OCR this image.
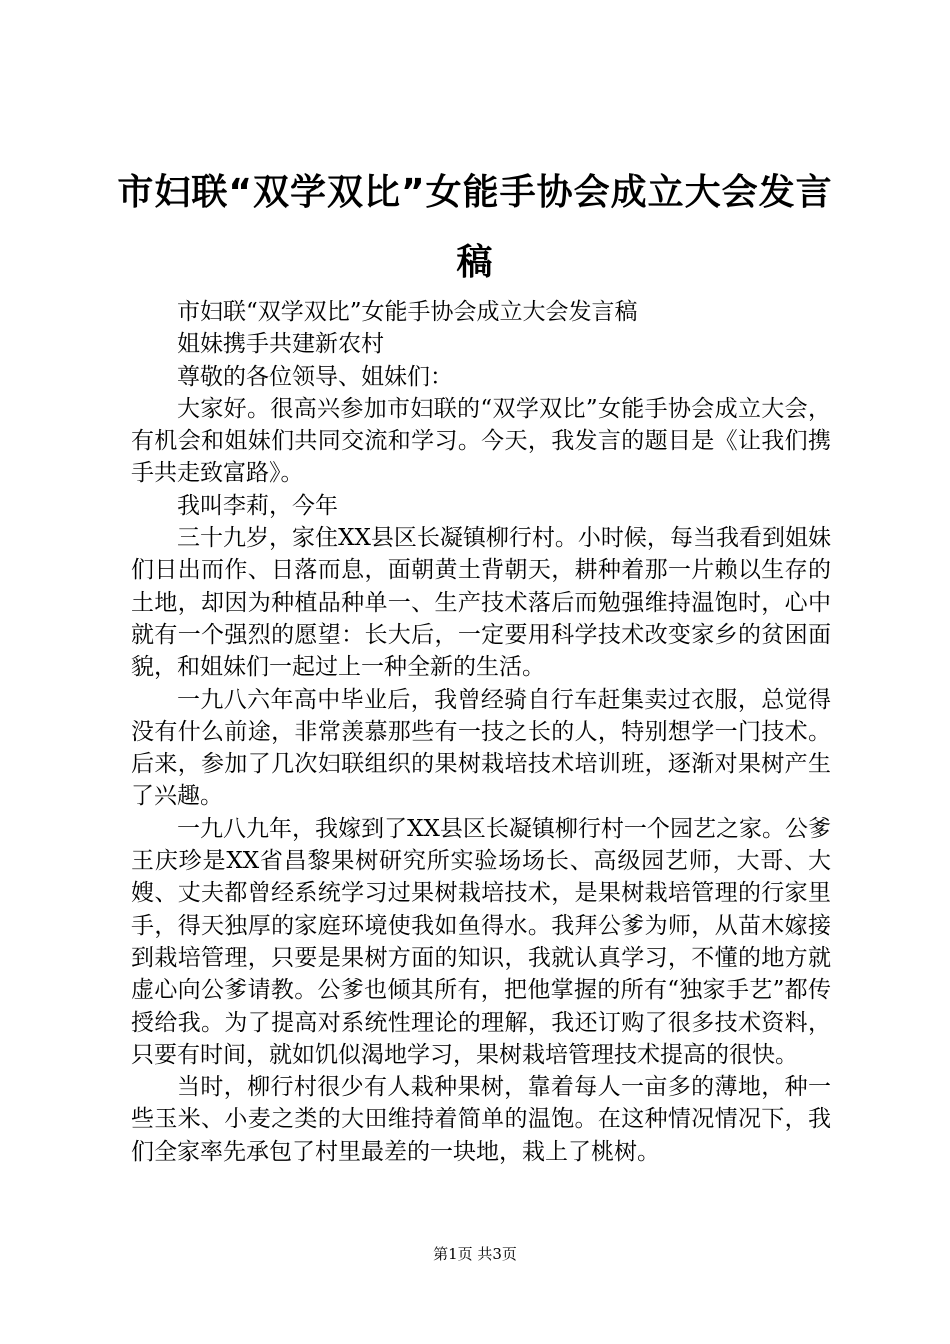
市妇联“双学双比”女能手协会成立大会发言稿

市妇联“双学双比”女能手协会成立大会发言稿

姐妹携手共建新农村

尊敬的各位领导、姐妹们：

大家好。很高兴参加市妇联的“双学双比”女能手协会成立大会，有机会和姐妹们共同交流和学习。今天，我发言的题目是《让我们携手共走致富路》。

我叫李莉，今年

三十九岁，家住XX县区长凝镇柳行村。小时候，每当我看到姐妹们日出而作、日落而息，面朝黄土背朝天，耕种着那一片赖以生存的土地，却因为种植品种单一、生产技术落后而勉强维持温饱时，心中就有一个强烈的愿望：长大后，一定要用科学技术改变家乡的贫困面貌，和姐妹们一起过上一种全新的生活。

一九八六年高中毕业后，我曾经骑自行车赶集卖过衣服，总觉得没有什么前途，非常羡慕那些有一技之长的人，特别想学一门技术。后来，参加了几次妇联组织的果树栽培技术培训班，逐渐对果树产生了兴趣。

一九八九年，我嫁到了XX县区长凝镇柳行村一个园艺之家。公爹王庆珍是XX省昌黎果树研究所实验场场长、高级园艺师，大哥、大嫂、丈夫都曾经系统学习过果树栽培技术，是果树栽培管理的行家里手，得天独厚的家庭环境使我如鱼得水。我拜公爹为师，从苗木嫁接到栽培管理，只要是果树方面的知识，我就认真学习，不懂的地方就虚心向公爹请教。公爹也倾其所有，把他掌握的所有“独家手艺”都传授给我。为了提高对系统性理论的理解，我还订购了很多技术资料，只要有时间，就如饥似渴地学习，果树栽培管理技术提高的很快。

当时，柳行村很少有人栽种果树，靠着每人一亩多的薄地，种一些玉米、小麦之类的大田维持着简单的温饱。在这种情况情况下，我们全家率先承包了村里最差的一块地，栽上了桃树。

第1页 共3页
